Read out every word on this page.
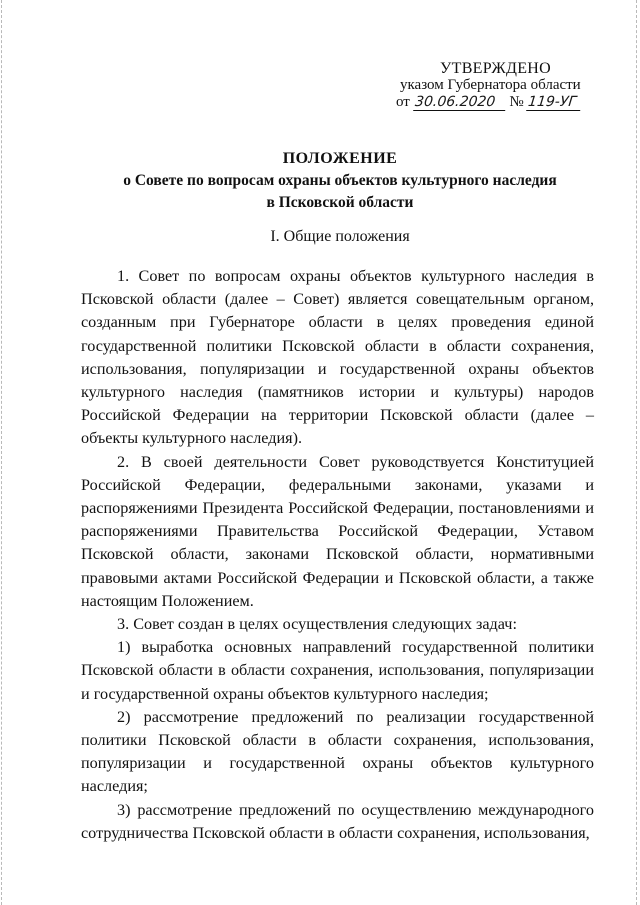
УТВЕРЖДЕНО
указом Губернатора области
от 30.06.2020 № 119-УГ
ПОЛОЖЕНИЕ
о Совете по вопросам охраны объектов культурного наследия
в Псковской области
I. Общие положения

1. Совет по вопросам охраны объектов культурного наследия в Псковской области (далее – Совет) является совещательным органом, созданным при Губернаторе области в целях проведения единой государственной политики Псковской области в области сохранения, использования, популяризации и государственной охраны объектов культурного наследия (памятников истории и культуры) народов Российской Федерации на территории Псковской области (далее – объекты культурного наследия).

2. В своей деятельности Совет руководствуется Конституцией Российской Федерации, федеральными законами, указами и распоряжениями Президента Российской Федерации, постановлениями и распоряжениями Правительства Российской Федерации, Уставом Псковской области, законами Псковской области, нормативными правовыми актами Российской Федерации и Псковской области, а также настоящим Положением.

3. Совет создан в целях осуществления следующих задач:

1) выработка основных направлений государственной политики Псковской области в области сохранения, использования, популяризации и государственной охраны объектов культурного наследия;

2) рассмотрение предложений по реализации государственной политики Псковской области в области сохранения, использования, популяризации и государственной охраны объектов культурного наследия;

3) рассмотрение предложений по осуществлению международного сотрудничества Псковской области в области сохранения, использования,
